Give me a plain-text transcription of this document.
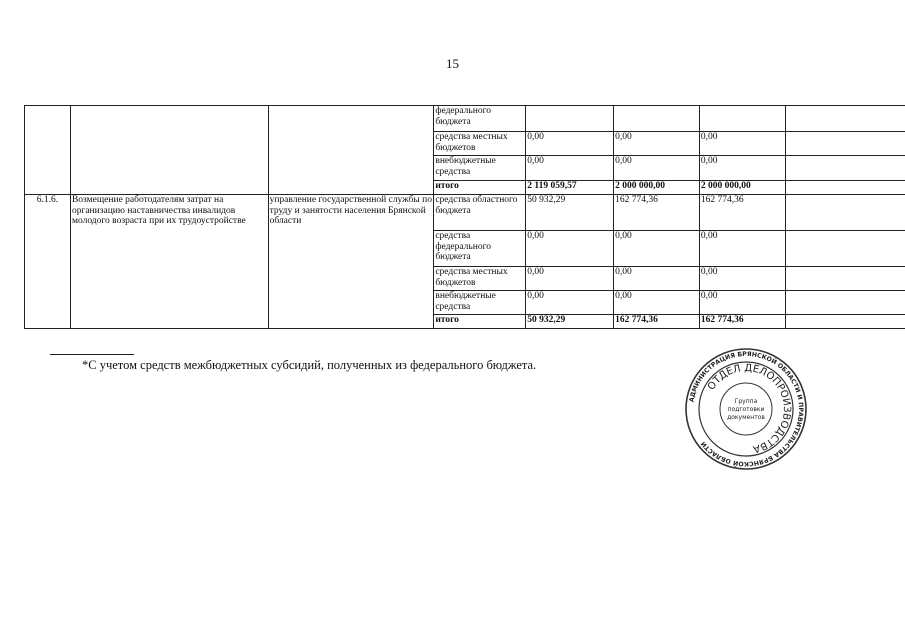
15
			федерального бюджета				
			средства местных бюджетов	0,00	0,00	0,00	
			внебюджетные средства	0,00	0,00	0,00	
			итого	2 119 059,57	2 000 000,00	2 000 000,00	
6.1.6.	Возмещение работодателям затрат на организацию наставничества инвалидов молодого возраста при их трудоустройстве	управление государственной службы по труду и занятости населения Брянской области	средства областного бюджета	50 932,29	162 774,36	162 774,36	
			средства федерального бюджета	0,00	0,00	0,00	
			средства местных бюджетов	0,00	0,00	0,00	
			внебюджетные средства	0,00	0,00	0,00	
			итого	50 932,29	162 774,36	162 774,36	
*С учетом средств межбюджетных субсидий, полученных из федерального бюджета.
АДМИНИСТРАЦИЯ БРЯНСКОЙ ОБЛАСТИ И ПРАВИТЕЛЬСТВА БРЯНСКОЙ ОБЛАСТИ
ОТДЕЛ ДЕЛОПРОИЗВОДСТВА
Группа
подготовки
документов
